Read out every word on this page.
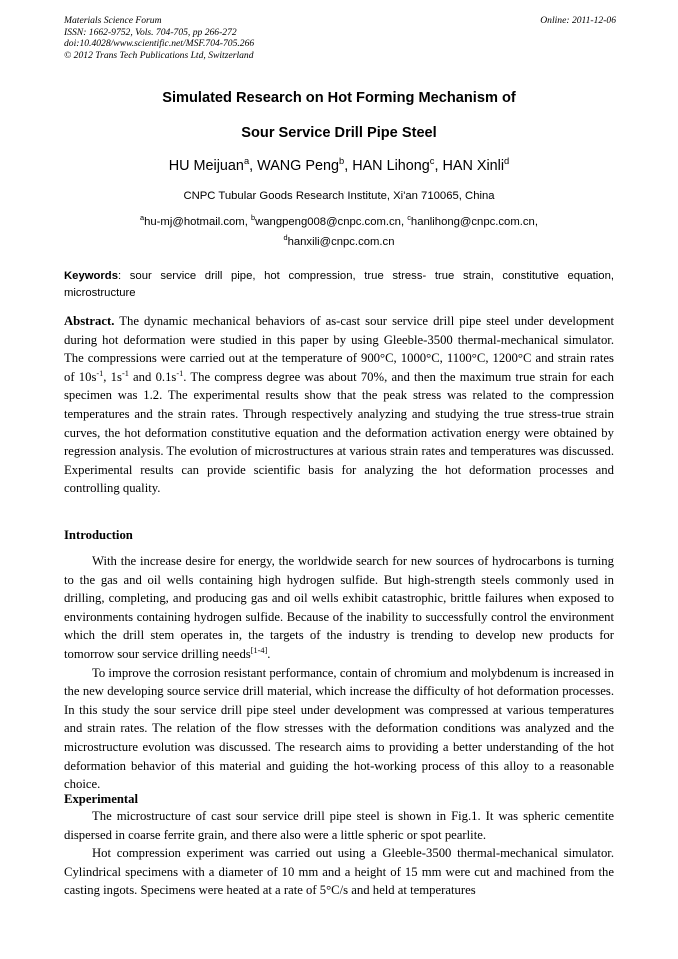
Materials Science Forum
ISSN: 1662-9752, Vols. 704-705, pp 266-272
doi:10.4028/www.scientific.net/MSF.704-705.266
© 2012 Trans Tech Publications Ltd, Switzerland
Online: 2011-12-06
Simulated Research on Hot Forming Mechanism of
Sour Service Drill Pipe Steel
HU Meijuan$^a$, WANG Peng$^b$, HAN Lihong$^c$, HAN Xinli$^d$
CNPC Tubular Goods Research Institute, Xi'an 710065, China
$^a$hu-mj@hotmail.com, $^b$wangpeng008@cnpc.com.cn, $^c$hanlihong@cnpc.com.cn,
$^d$hanxili@cnpc.com.cn
Keywords: sour service drill pipe, hot compression, true stress- true strain, constitutive equation, microstructure
Abstract. The dynamic mechanical behaviors of as-cast sour service drill pipe steel under development during hot deformation were studied in this paper by using Gleeble-3500 thermal-mechanical simulator. The compressions were carried out at the temperature of 900°C, 1000°C, 1100°C, 1200°C and strain rates of $10s^{-1}$, $1s^{-1}$ and $0.1s^{-1}$. The compress degree was about 70%, and then the maximum true strain for each specimen was 1.2. The experimental results show that the peak stress was related to the compression temperatures and the strain rates. Through respectively analyzing and studying the true stress-true strain curves, the hot deformation constitutive equation and the deformation activation energy were obtained by regression analysis. The evolution of microstructures at various strain rates and temperatures was discussed. Experimental results can provide scientific basis for analyzing the hot deformation processes and controlling quality.
Introduction

With the increase desire for energy, the worldwide search for new sources of hydrocarbons is turning to the gas and oil wells containing high hydrogen sulfide. But high-strength steels commonly used in drilling, completing, and producing gas and oil wells exhibit catastrophic, brittle failures when exposed to environments containing hydrogen sulfide. Because of the inability to successfully control the environment which the drill stem operates in, the targets of the industry is trending to develop new products for tomorrow sour service drilling needs[1-4].

To improve the corrosion resistant performance, contain of chromium and molybdenum is increased in the new developing source service drill material, which increase the difficulty of hot deformation processes. In this study the sour service drill pipe steel under development was compressed at various temperatures and strain rates. The relation of the flow stresses with the deformation conditions was analyzed and the microstructure evolution was discussed. The research aims to providing a better understanding of the hot deformation behavior of this material and guiding the hot-working process of this alloy to a reasonable choice.

Experimental

The microstructure of cast sour service drill pipe steel is shown in Fig.1. It was spheric cementite dispersed in coarse ferrite grain, and there also were a little spheric or spot pearlite.

Hot compression experiment was carried out using a Gleeble-3500 thermal-mechanical simulator. Cylindrical specimens with a diameter of 10 mm and a height of 15 mm were cut and machined from the casting ingots. Specimens were heated at a rate of 5°C/s and held at temperatures
